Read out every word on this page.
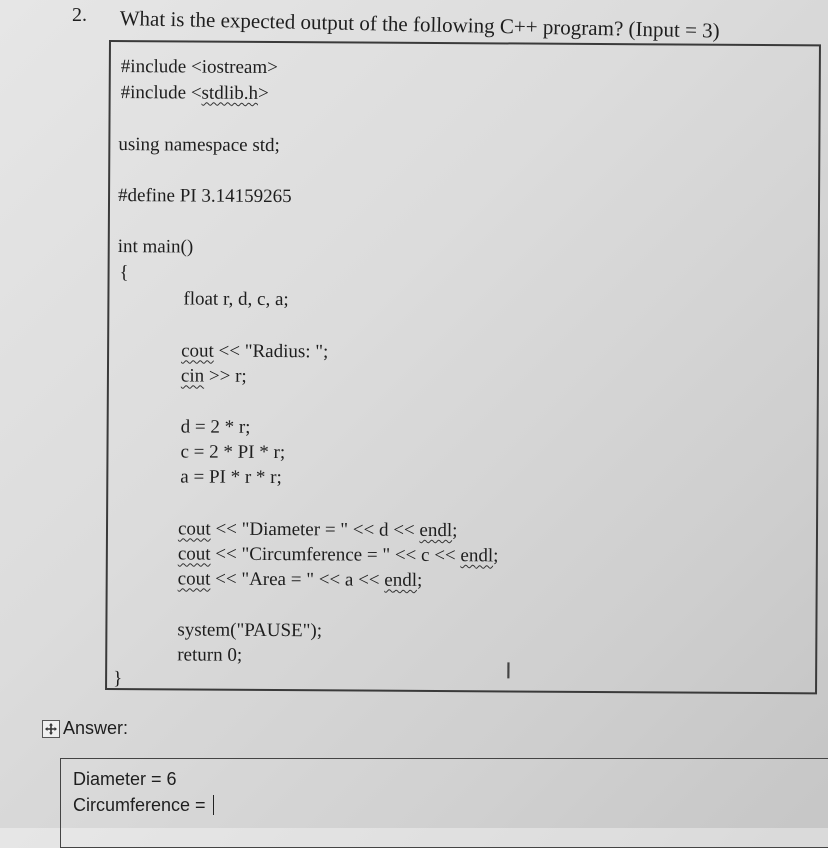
2. What is the expected output of the following C++ program? (Input = 3)
#include <iostream>
#include <stdlib.h>
using namespace std;
#define PI 3.14159265
int main()
{
float r, d, c, a;
cout << "Radius: ";
cin >> r;
d = 2 * r;
c = 2 * PI * r;
a = PI * r * r;
cout << "Diameter = " << d << endl;
cout << "Circumference = " << c << endl;
cout << "Area = " << a << endl;
system("PAUSE");
return 0;
}	I
Answer:
Diameter = 6
Circumference =
